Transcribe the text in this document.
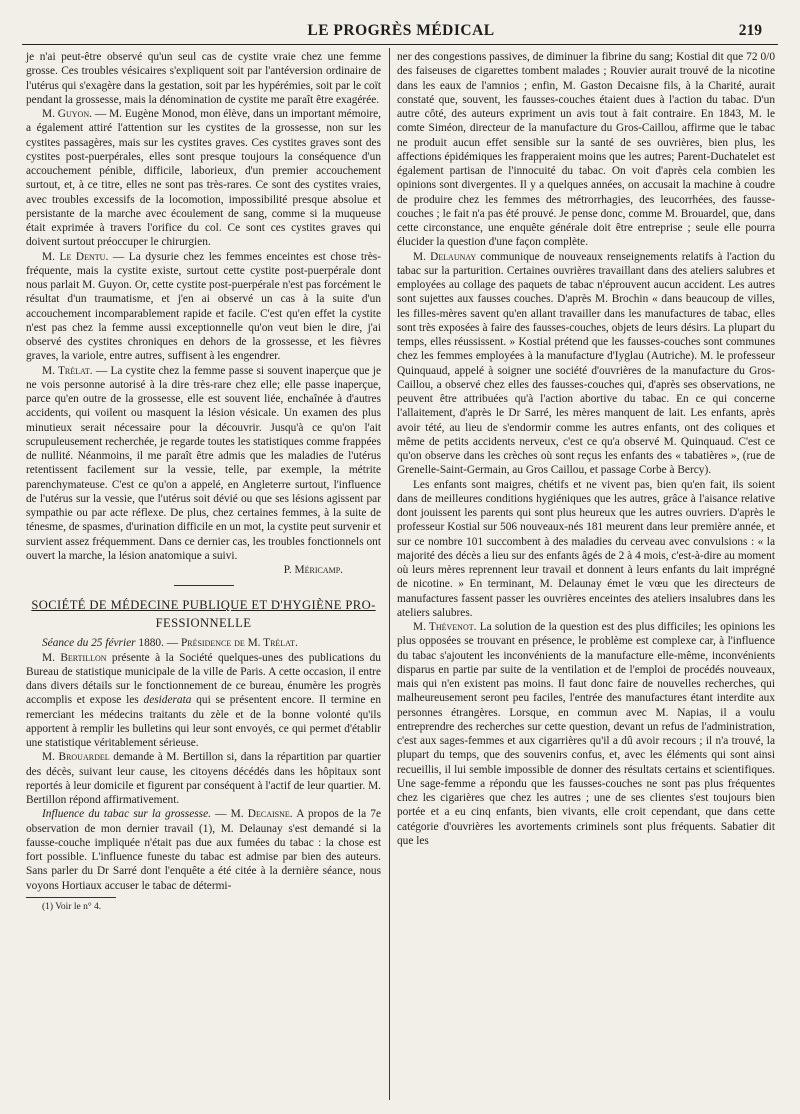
LE PROGRÈS MÉDICAL	219

je n'ai peut-être observé qu'un seul cas de cystite vraie chez une femme grosse. Ces troubles vésicaires s'expliquent soit par l'antéversion ordinaire de l'utérus qui s'exagère dans la gestation, soit par les hypérémies, soit par le coït pendant la grossesse, mais la dénomination de cystite me paraît être exagérée.

M. Guyon. — M. Eugène Monod, mon élève, dans un important mémoire, a également attiré l'attention sur les cystites de la grossesse, non sur les cystites passagères, mais sur les cystites graves. Ces cystites graves sont des cystites post-puerpérales, elles sont presque toujours la conséquence d'un accouchement pénible, difficile, laborieux, d'un premier accouchement surtout, et, à ce titre, elles ne sont pas très-rares. Ce sont des cystites vraies, avec troubles excessifs de la locomotion, impossibilité presque absolue et persistante de la marche avec écoulement de sang, comme si la muqueuse était exprimée à travers l'orifice du col. Ce sont ces cystites graves qui doivent surtout préoccuper le chirurgien.

M. Le Dentu. — La dysurie chez les femmes enceintes est chose très-fréquente, mais la cystite existe, surtout cette cystite post-puerpérale dont nous parlait M. Guyon. Or, cette cystite post-puerpérale n'est pas forcément le résultat d'un traumatisme, et j'en ai observé un cas à la suite d'un accouchement incomparablement rapide et facile. C'est qu'en effet la cystite n'est pas chez la femme aussi exceptionnelle qu'on veut bien le dire, j'ai observé des cystites chroniques en dehors de la grossesse, et les fièvres graves, la variole, entre autres, suffisent à les engendrer.

M. Trélat. — La cystite chez la femme passe si souvent inaperçue que je ne vois personne autorisé à la dire très-rare chez elle; elle passe inaperçue, parce qu'en outre de la grossesse, elle est souvent liée, enchaînée à d'autres accidents, qui voilent ou masquent la lésion vésicale. Un examen des plus minutieux serait nécessaire pour la découvrir. Jusqu'à ce qu'on l'ait scrupuleusement recherchée, je regarde toutes les statistiques comme frappées de nullité. Néanmoins, il me paraît être admis que les maladies de l'utérus retentissent facilement sur la vessie, telle, par exemple, la métrite parenchymateuse. C'est ce qu'on a appelé, en Angleterre surtout, l'influence de l'utérus sur la vessie, que l'utérus soit dévié ou que ses lésions agissent par sympathie ou par acte réflexe. De plus, chez certaines femmes, à la suite de ténesme, de spasmes, d'urination difficile en un mot, la cystite peut survenir et survient assez fréquemment. Dans ce dernier cas, les troubles fonctionnels ont ouvert la marche, la lésion anatomique a suivi.

P. Méricamp.
SOCIÉTÉ DE MÉDECINE PUBLIQUE ET D'HYGIÈNE PRO-
FESSIONNELLE

Séance du 25 février 1880. — Présidence de M. Trélat.

M. Bertillon présente à la Société quelques-unes des publications du Bureau de statistique municipale de la ville de Paris. A cette occasion, il entre dans divers détails sur le fonctionnement de ce bureau, énumère les progrès accomplis et expose les desiderata qui se présentent encore. Il termine en remerciant les médecins traitants du zèle et de la bonne volonté qu'ils apportent à remplir les bulletins qui leur sont envoyés, ce qui permet d'établir une statistique véritablement sérieuse.

M. Brouardel demande à M. Bertillon si, dans la répartition par quartier des décès, suivant leur cause, les citoyens décédés dans les hôpitaux sont reportés à leur domicile et figurent par conséquent à l'actif de leur quartier. M. Bertillon répond affirmativement.

Influence du tabac sur la grossesse. — M. Decaisne. A propos de la 7e observation de mon dernier travail (1), M. Delaunay s'est demandé si la fausse-couche impliquée n'était pas due aux fumées du tabac : la chose est fort possible. L'influence funeste du tabac est admise par bien des auteurs. Sans parler du Dr Sarré dont l'enquête a été citée à la dernière séance, nous voyons Hortiaux accuser le tabac de détermi-

(1) Voir le n° 4.

ner des congestions passives, de diminuer la fibrine du sang; Kostial dit que 72 0/0 des faiseuses de cigarettes tombent malades ; Rouvier aurait trouvé de la nicotine dans les eaux de l'amnios ; enfin, M. Gaston Decaisne fils, à la Charité, aurait constaté que, souvent, les fausses-couches étaient dues à l'action du tabac. D'un autre côté, des auteurs expriment un avis tout à fait contraire. En 1843, M. le comte Siméon, directeur de la manufacture du Gros-Caillou, affirme que le tabac ne produit aucun effet sensible sur la santé de ses ouvrières, bien plus, les affections épidémiques les frapperaient moins que les autres; Parent-Duchatelet est également partisan de l'innocuité du tabac. On voit d'après cela combien les opinions sont divergentes. Il y a quelques années, on accusait la machine à coudre de produire chez les femmes des métrorrhagies, des leucorrhées, des fausse-couches ; le fait n'a pas été prouvé. Je pense donc, comme M. Brouardel, que, dans cette circonstance, une enquête générale doit être entreprise ; seule elle pourra élucider la question d'une façon complète.

M. Delaunay communique de nouveaux renseignements relatifs à l'action du tabac sur la parturition. Certaines ouvrières travaillant dans des ateliers salubres et employées au collage des paquets de tabac n'éprouvent aucun accident. Les autres sont sujettes aux fausses couches. D'après M. Brochin « dans beaucoup de villes, les filles-mères savent qu'en allant travailler dans les manufactures de tabac, elles sont très exposées à faire des fausses-couches, objets de leurs désirs. La plupart du temps, elles réussissent. » Kostial prétend que les fausses-couches sont communes chez les femmes employées à la manufacture d'Iyglau (Autriche). M. le professeur Quinquaud, appelé à soigner une société d'ouvrières de la manufacture du Gros-Caillou, a observé chez elles des fausses-couches qui, d'après ses observations, ne peuvent être attribuées qu'à l'action abortive du tabac. En ce qui concerne l'allaitement, d'après le Dr Sarré, les mères manquent de lait. Les enfants, après avoir tété, au lieu de s'endormir comme les autres enfants, ont des coliques et même de petits accidents nerveux, c'est ce qu'a observé M. Quinquaud. C'est ce qu'on observe dans les crèches où sont reçus les enfants des « tabatières », (rue de Grenelle-Saint-Germain, au Gros Caillou, et passage Corbe à Bercy).

Les enfants sont maigres, chétifs et ne vivent pas, bien qu'en fait, ils soient dans de meilleures conditions hygiéniques que les autres, grâce à l'aisance relative dont jouissent les parents qui sont plus heureux que les autres ouvriers. D'après le professeur Kostial sur 506 nouveaux-nés 181 meurent dans leur première année, et sur ce nombre 101 succombent à des maladies du cerveau avec convulsions : « la majorité des décès a lieu sur des enfants âgés de 2 à 4 mois, c'est-à-dire au moment où leurs mères reprennent leur travail et donnent à leurs enfants du lait imprégné de nicotine. » En terminant, M. Delaunay émet le vœu que les directeurs de manufactures fassent passer les ouvrières enceintes des ateliers insalubres dans les ateliers salubres.

M. Thévenot. La solution de la question est des plus difficiles; les opinions les plus opposées se trouvant en présence, le problème est complexe car, à l'influence du tabac s'ajoutent les inconvénients de la manufacture elle-même, inconvénients disparus en partie par suite de la ventilation et de l'emploi de procédés nouveaux, mais qui n'en existent pas moins. Il faut donc faire de nouvelles recherches, qui malheureusement seront peu faciles, l'entrée des manufactures étant interdite aux personnes étrangères. Lorsque, en commun avec M. Napias, il a voulu entreprendre des recherches sur cette question, devant un refus de l'administration, c'est aux sages-femmes et aux cigarrières qu'il a dû avoir recours ; il n'a trouvé, la plupart du temps, que des souvenirs confus, et, avec les éléments qui sont ainsi recueillis, il lui semble impossible de donner des résultats certains et scientifiques. Une sage-femme a répondu que les fausses-couches ne sont pas plus fréquentes chez les cigarières que chez les autres ; une de ses clientes s'est toujours bien portée et a eu cinq enfants, bien vivants, elle croit cependant, que dans cette catégorie d'ouvrières les avortements criminels sont plus fréquents. Sabatier dit que les
